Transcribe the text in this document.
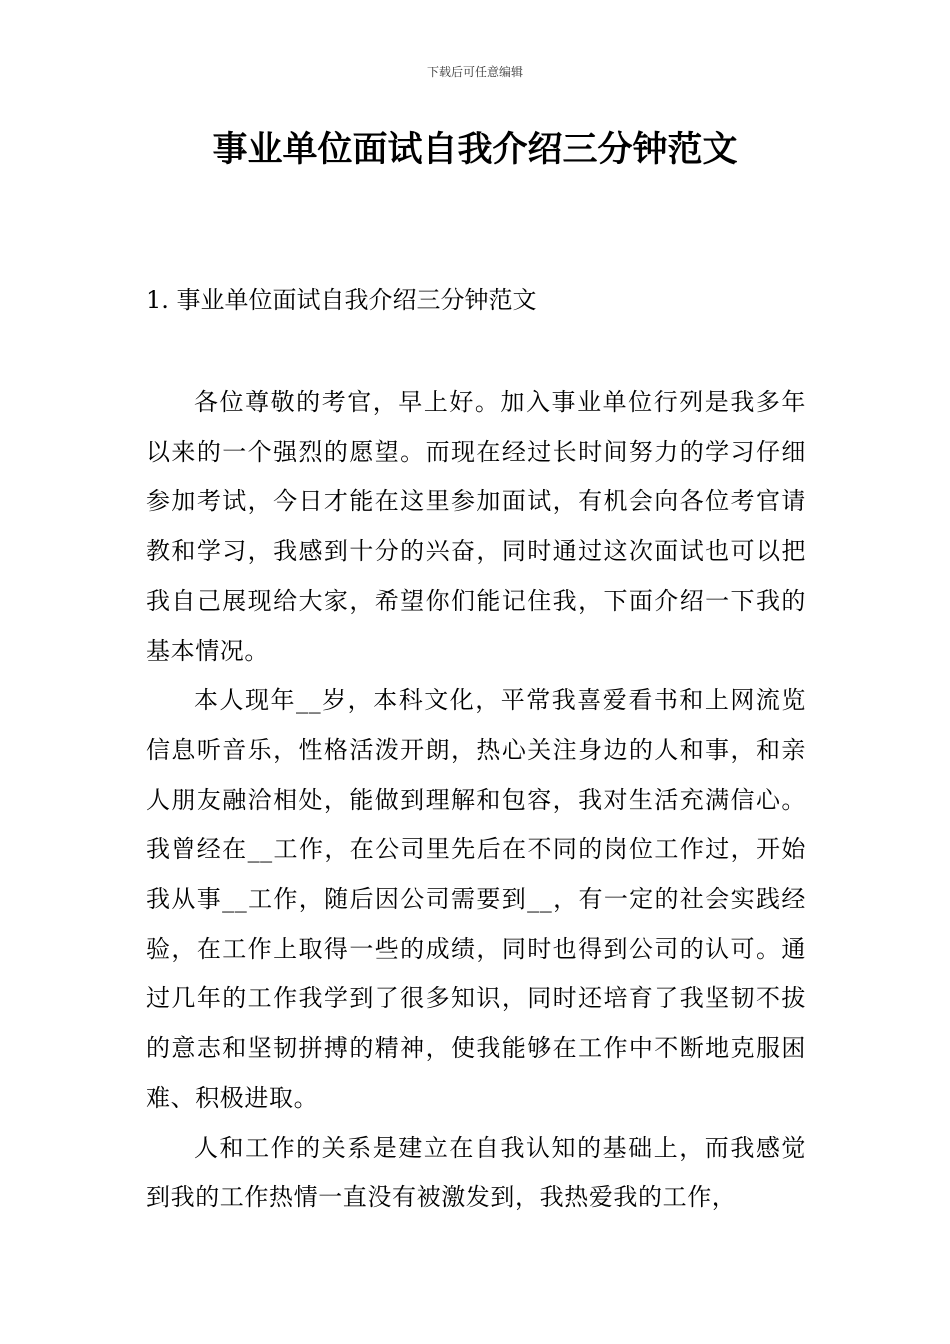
下载后可任意编辑
事业单位面试自我介绍三分钟范文
1. 事业单位面试自我介绍三分钟范文

各位尊敬的考官，早上好。加入事业单位行列是我多年以来的一个强烈的愿望。而现在经过长时间努力的学习仔细参加考试，今日才能在这里参加面试，有机会向各位考官请教和学习，我感到十分的兴奋，同时通过这次面试也可以把我自己展现给大家，希望你们能记住我，下面介绍一下我的基本情况。

本人现年__岁，本科文化，平常我喜爱看书和上网流览信息听音乐，性格活泼开朗，热心关注身边的人和事，和亲人朋友融洽相处，能做到理解和包容，我对生活充满信心。我曾经在__工作，在公司里先后在不同的岗位工作过，开始我从事__工作，随后因公司需要到__，有一定的社会实践经验，在工作上取得一些的成绩，同时也得到公司的认可。通过几年的工作我学到了很多知识，同时还培育了我坚韧不拔的意志和坚韧拼搏的精神，使我能够在工作中不断地克服困难、积极进取。

人和工作的关系是建立在自我认知的基础上，而我感觉到我的工作热情一直没有被激发到，我热爱我的工作，
